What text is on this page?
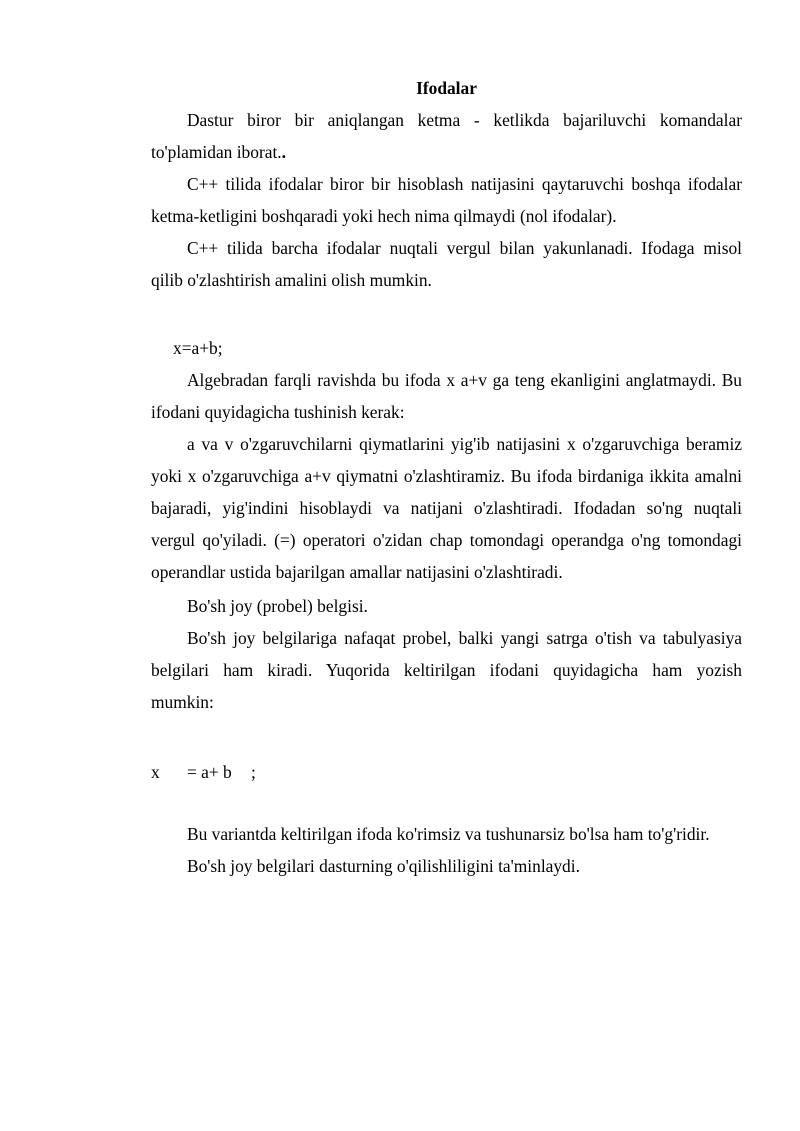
Ifodalar
Dastur biror bir aniqlangan ketma - ketlikda bajariluvchi komandalar
to'plamidan iborat..
C++ tilida ifodalar biror bir hisoblash natijasini qaytaruvchi boshqa ifodalar
ketma-ketligini boshqaradi yoki hech nima qilmaydi (nol ifodalar).
C++ tilida barcha ifodalar nuqtali vergul bilan yakunlanadi. Ifodaga misol
qilib o'zlashtirish amalini olish mumkin.
x=a+b;
Algebradan farqli ravishda bu ifoda x a+v ga teng ekanligini anglatmaydi. Bu
ifodani quyidagicha tushinish kerak:
a va v o'zgaruvchilarni qiymatlarini yig'ib natijasini x o'zgaruvchiga beramiz
yoki x o'zgaruvchiga a+v qiymatni o'zlashtiramiz. Bu ifoda birdaniga ikkita amalni
bajaradi, yig'indini hisoblaydi va natijani o'zlashtiradi. Ifodadan so'ng nuqtali
vergul qo'yiladi. (=) operatori o'zidan chap tomondagi operandga o'ng tomondagi
operandlar ustida bajarilgan amallar natijasini o'zlashtiradi.
Bo'sh joy (probel) belgisi.
Bo'sh joy belgilariga nafaqat probel, balki yangi satrga o'tish va tabulyasiya
belgilari ham kiradi. Yuqorida keltirilgan ifodani quyidagicha ham yozish
mumkin:
x = a+ b ;
Bu variantda keltirilgan ifoda ko'rimsiz va tushunarsiz bo'lsa ham to'g'ridir.
Bo'sh joy belgilari dasturning o'qilishliligini ta'minlaydi.
